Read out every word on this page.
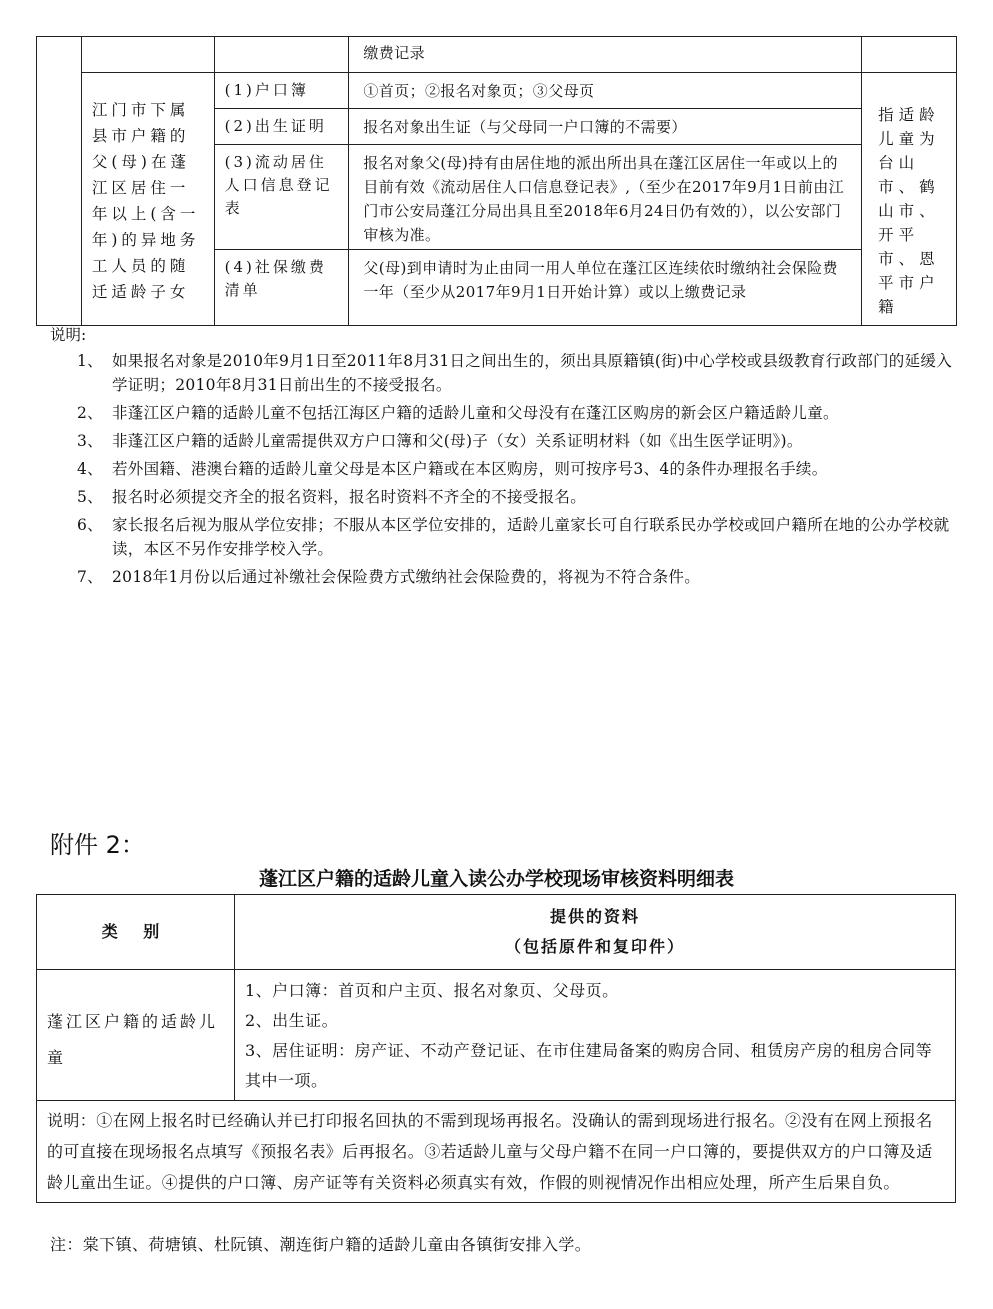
			缴费记录	

	江门市下属县市户籍的父(母)在蓬江区居住一年以上(含一年)的异地务工人员的随迁适龄子女	(1)户口簿	①首页；②报名对象页；③父母页	指适龄儿童为台山市、鹤山市、开平市、恩平市户籍

		(2)出生证明	报名对象出生证（与父母同一户口簿的不需要）	

		(3)流动居住人口信息登记表	报名对象父(母)持有由居住地的派出所出具在蓬江区居住一年或以上的目前有效《流动居住人口信息登记表》,（至少在2017年9月1日前由江门市公安局蓬江分局出具且至2018年6月24日仍有效的），以公安部门审核为准。	

		(4)社保缴费清单	父(母)到申请时为止由同一用人单位在蓬江区连续依时缴纳社会保险费一年（至少从2017年9月1日开始计算）或以上缴费记录	
说明:
1、 如果报名对象是2010年9月1日至2011年8月31日之间出生的，须出具原籍镇(街)中心学校或县级教育行政部门的延缓入学证明；2010年8月31日前出生的不接受报名。
2、 非蓬江区户籍的适龄儿童不包括江海区户籍的适龄儿童和父母没有在蓬江区购房的新会区户籍适龄儿童。
3、 非蓬江区户籍的适龄儿童需提供双方户口簿和父(母)子（女）关系证明材料（如《出生医学证明》)。
4、 若外国籍、港澳台籍的适龄儿童父母是本区户籍或在本区购房，则可按序号3、4的条件办理报名手续。
5、 报名时必须提交齐全的报名资料，报名时资料不齐全的不接受报名。
6、 家长报名后视为服从学位安排；不服从本区学位安排的，适龄儿童家长可自行联系民办学校或回户籍所在地的公办学校就读，本区不另作安排学校入学。
7、 2018年1月份以后通过补缴社会保险费方式缴纳社会保险费的，将视为不符合条件。
附件 2：
蓬江区户籍的适龄儿童入读公办学校现场审核资料明细表
类 别	提供的资料
（包括原件和复印件）

蓬江区户籍的适龄儿童	1、户口簿：首页和户主页、报名对象页、父母页。
2、出生证。
3、居住证明：房产证、不动产登记证、在市住建局备案的购房合同、租赁房产房的租房合同等其中一项。

说明：①在网上报名时已经确认并已打印报名回执的不需到现场再报名。没确认的需到现场进行报名。②没有在网上预报名的可直接在现场报名点填写《预报名表》后再报名。③若适龄儿童与父母户籍不在同一户口簿的，要提供双方的户口簿及适龄儿童出生证。④提供的户口簿、房产证等有关资料必须真实有效，作假的则视情况作出相应处理，所产生后果自负。	
注：棠下镇、荷塘镇、杜阮镇、潮连街户籍的适龄儿童由各镇街安排入学。
